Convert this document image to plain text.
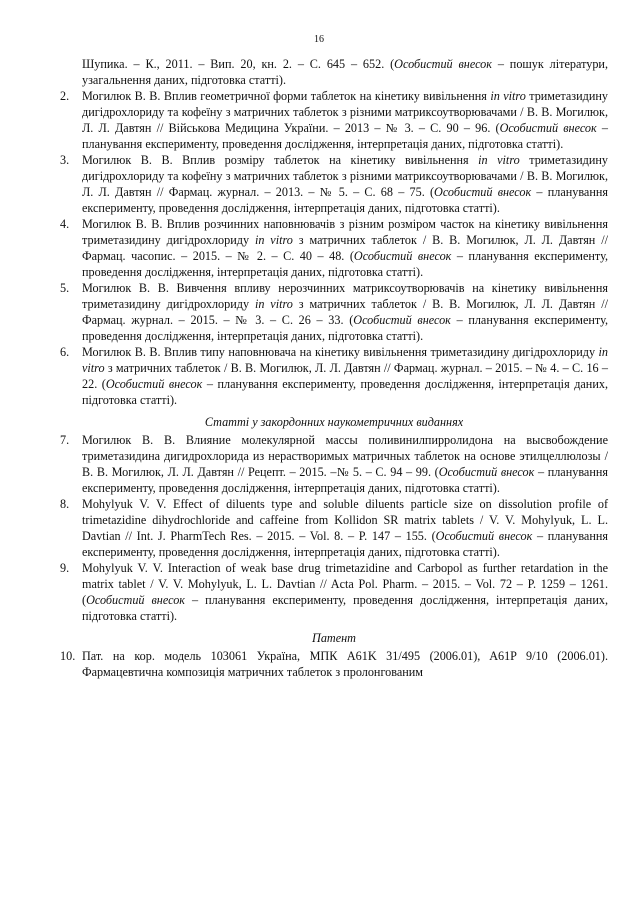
16
Шупика. – К., 2011. – Вип. 20, кн. 2. – С. 645 – 652. (Особистий внесок – пошук літератури, узагальнення даних, підготовка статті).
2.	Могилюк В. В. Вплив геометричної форми таблеток на кінетику вивільнення in vitro триметазидину дигідрохлориду та кофеїну з матричних таблеток з різними матриксоутворювачами / В. В. Могилюк, Л. Л. Давтян // Військова Медицина України. – 2013 – № 3. – С. 90 – 96. (Особистий внесок – планування експерименту, проведення дослідження, інтерпретація даних, підготовка статті).
3.	Могилюк В. В. Вплив розміру таблеток на кінетику вивільнення in vitro триметазидину дигідрохлориду та кофеїну з матричних таблеток з різними матриксоутворювачами / В. В. Могилюк, Л. Л. Давтян // Фармац. журнал. – 2013. – № 5. – С. 68 – 75. (Особистий внесок – планування експерименту, проведення дослідження, інтерпретація даних, підготовка статті).
4.	Могилюк В. В. Вплив розчинних наповнювачів з різним розміром часток на кінетику вивільнення триметазидину дигідрохлориду in vitro з матричних таблеток / В. В. Могилюк, Л. Л. Давтян // Фармац. часопис. – 2015. – № 2. – С. 40 – 48. (Особистий внесок – планування експерименту, проведення дослідження, інтерпретація даних, підготовка статті).
5.	Могилюк В. В. Вивчення впливу нерозчинних матриксоутворювачів на кінетику вивільнення триметазидину дигідрохлориду in vitro з матричних таблеток / В. В. Могилюк, Л. Л. Давтян // Фармац. журнал. – 2015. – № 3. – С. 26 – 33. (Особистий внесок – планування експерименту, проведення дослідження, інтерпретація даних, підготовка статті).
6.	Могилюк В. В. Вплив типу наповнювача на кінетику вивільнення триметазидину дигідрохлориду in vitro з матричних таблеток / В. В. Могилюк, Л. Л. Давтян // Фармац. журнал. – 2015. – № 4. – С. 16 – 22. (Особистий внесок – планування експерименту, проведення дослідження, інтерпретація даних, підготовка статті).
Статті у закордонних наукометричних виданнях
7.	Могилюк В. В. Влияние молекулярной массы поливинилпирролидона на высвобождение триметазидина дигидрохлорида из нерастворимых матричных таблеток на основе этилцеллюлозы / В. В. Могилюк, Л. Л. Давтян // Рецепт. – 2015. –№ 5. – С. 94 – 99. (Особистий внесок – планування експерименту, проведення дослідження, інтерпретація даних, підготовка статті).
8.	Mohylyuk V. V. Effect of diluents type and soluble diluents particle size on dissolution profile of trimetazidine dihydrochloride and caffeine from Kollidon SR matrix tablets / V. V. Mohylyuk, L. L. Davtian // Int. J. PharmTech Res. – 2015. – Vol. 8. – P. 147 – 155. (Особистий внесок – планування експерименту, проведення дослідження, інтерпретація даних, підготовка статті).
9.	Mohylyuk V. V. Interaction of weak base drug trimetazidine and Carbopol as further retardation in the matrix tablet / V. V. Mohylyuk, L. L. Davtian // Acta Pol. Pharm. – 2015. – Vol. 72 – P. 1259 – 1261. (Особистий внесок – планування експерименту, проведення дослідження, інтерпретація даних, підготовка статті).
Патент
10. Пат. на кор. модель 103061 Україна, МПК A61K 31/495 (2006.01), A61P 9/10 (2006.01). Фармацевтична композиція матричних таблеток з пролонгованим
